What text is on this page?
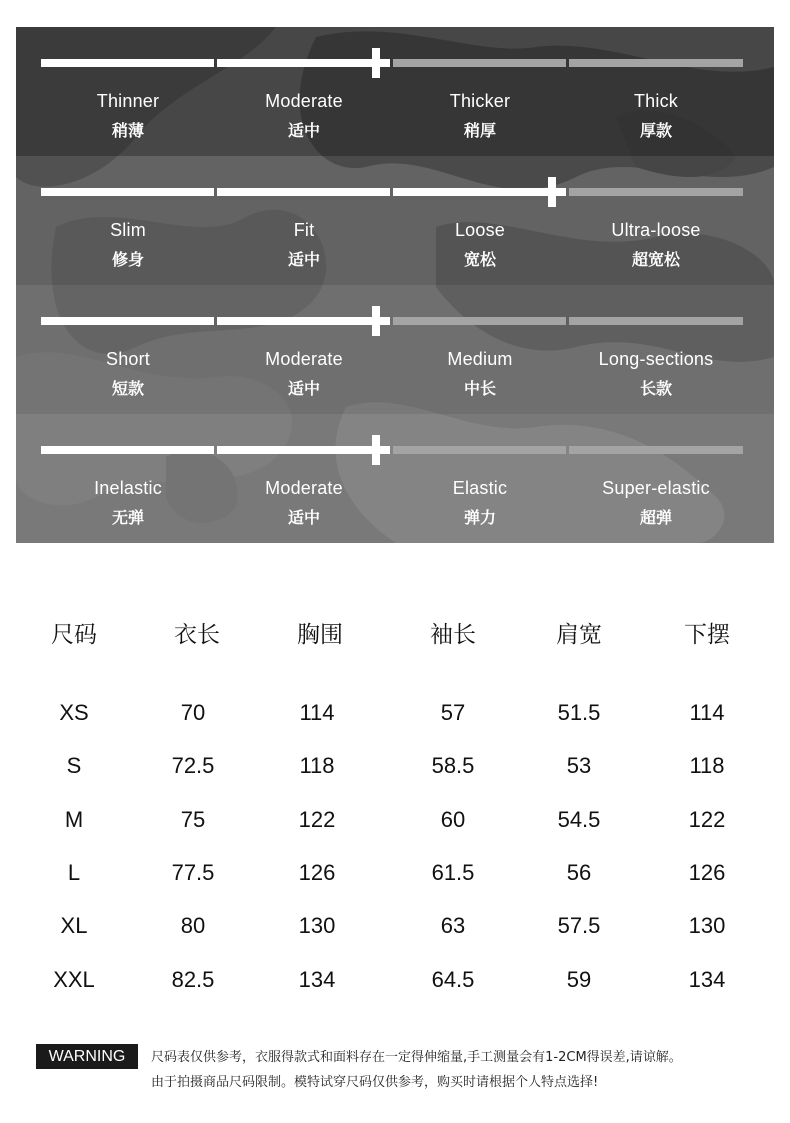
Thinner
稍薄
Moderate
适中
Thicker
稍厚
Thick
厚款
Slim
修身
Fit
适中
Loose
宽松
Ultra-loose
超宽松
Short
短款
Moderate
适中
Medium
中长
Long-sections
长款
Inelastic
无弹
Moderate
适中
Elastic
弹力
Super-elastic
超弹
尺码	衣长	胸围	袖长	肩宽	下摆
XS	70	114	57	51.5	114
S	72.5	118	58.5	53	118
M	75	122	60	54.5	122
L	77.5	126	61.5	56	126
XL	80	130	63	57.5	130
XXL	82.5	134	64.5	59	134
WARNING	尺码表仅供参考，衣服得款式和面料存在一定得伸缩量,手工测量会有1-2CM得误差,请谅解。
由于拍摄商品尺码限制。模特试穿尺码仅供参考，购买时请根据个人特点选择!
